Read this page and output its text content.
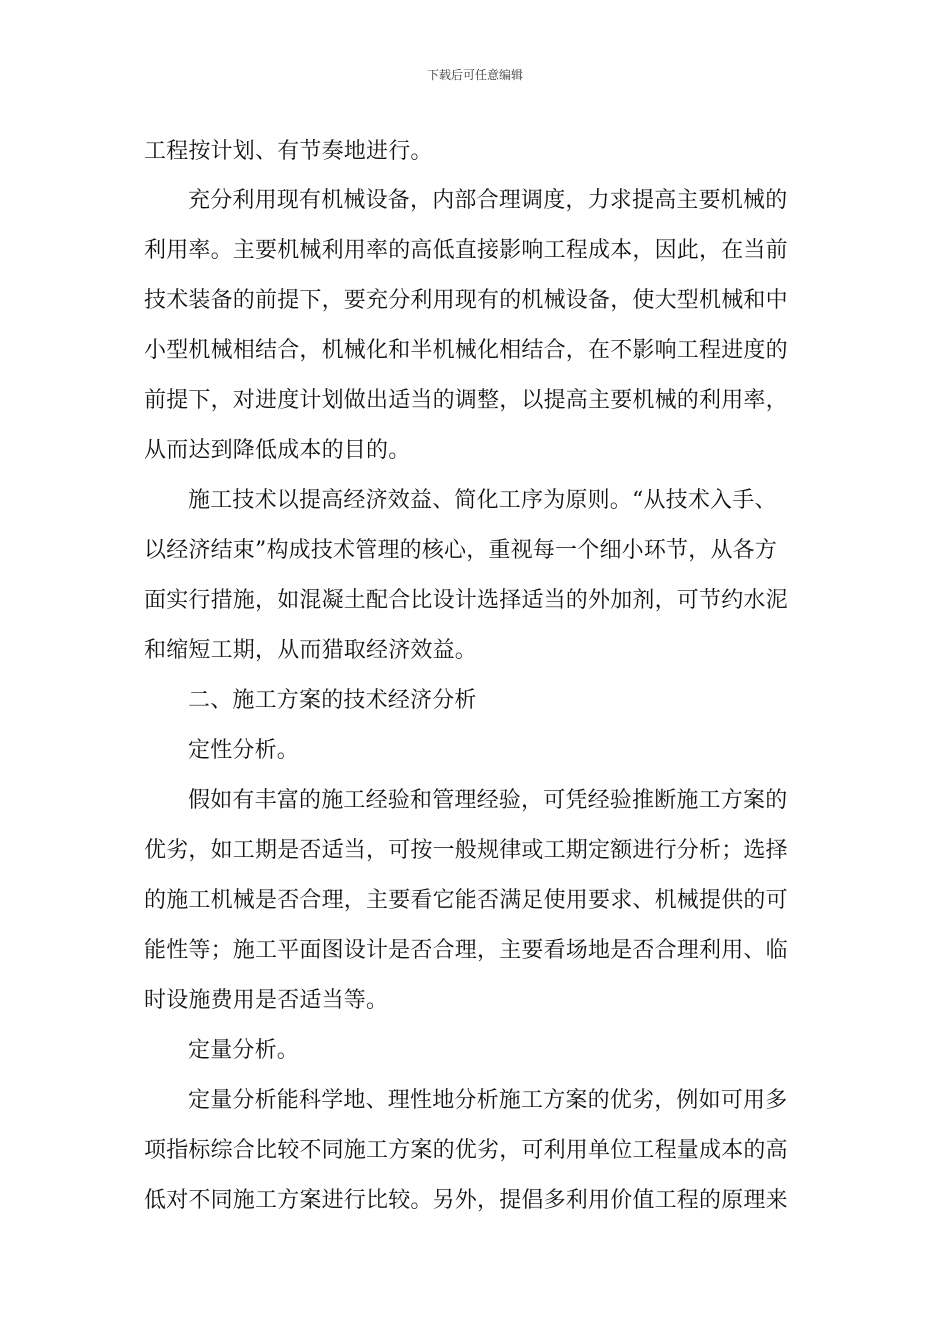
下载后可任意编辑
工程按计划、有节奏地进行。
充分利用现有机械设备，内部合理调度，力求提高主要机械的
利用率。主要机械利用率的高低直接影响工程成本，因此，在当前
技术装备的前提下，要充分利用现有的机械设备，使大型机械和中
小型机械相结合，机械化和半机械化相结合，在不影响工程进度的
前提下，对进度计划做出适当的调整，以提高主要机械的利用率，
从而达到降低成本的目的。
施工技术以提高经济效益、简化工序为原则。“从技术入手、
以经济结束”构成技术管理的核心，重视每一个细小环节，从各方
面实行措施，如混凝土配合比设计选择适当的外加剂，可节约水泥
和缩短工期，从而猎取经济效益。
二、施工方案的技术经济分析
定性分析。
假如有丰富的施工经验和管理经验，可凭经验推断施工方案的
优劣，如工期是否适当，可按一般规律或工期定额进行分析；选择
的施工机械是否合理，主要看它能否满足使用要求、机械提供的可
能性等；施工平面图设计是否合理，主要看场地是否合理利用、临
时设施费用是否适当等。
定量分析。
定量分析能科学地、理性地分析施工方案的优劣，例如可用多
项指标综合比较不同施工方案的优劣，可利用单位工程量成本的高
低对不同施工方案进行比较。另外，提倡多利用价值工程的原理来
